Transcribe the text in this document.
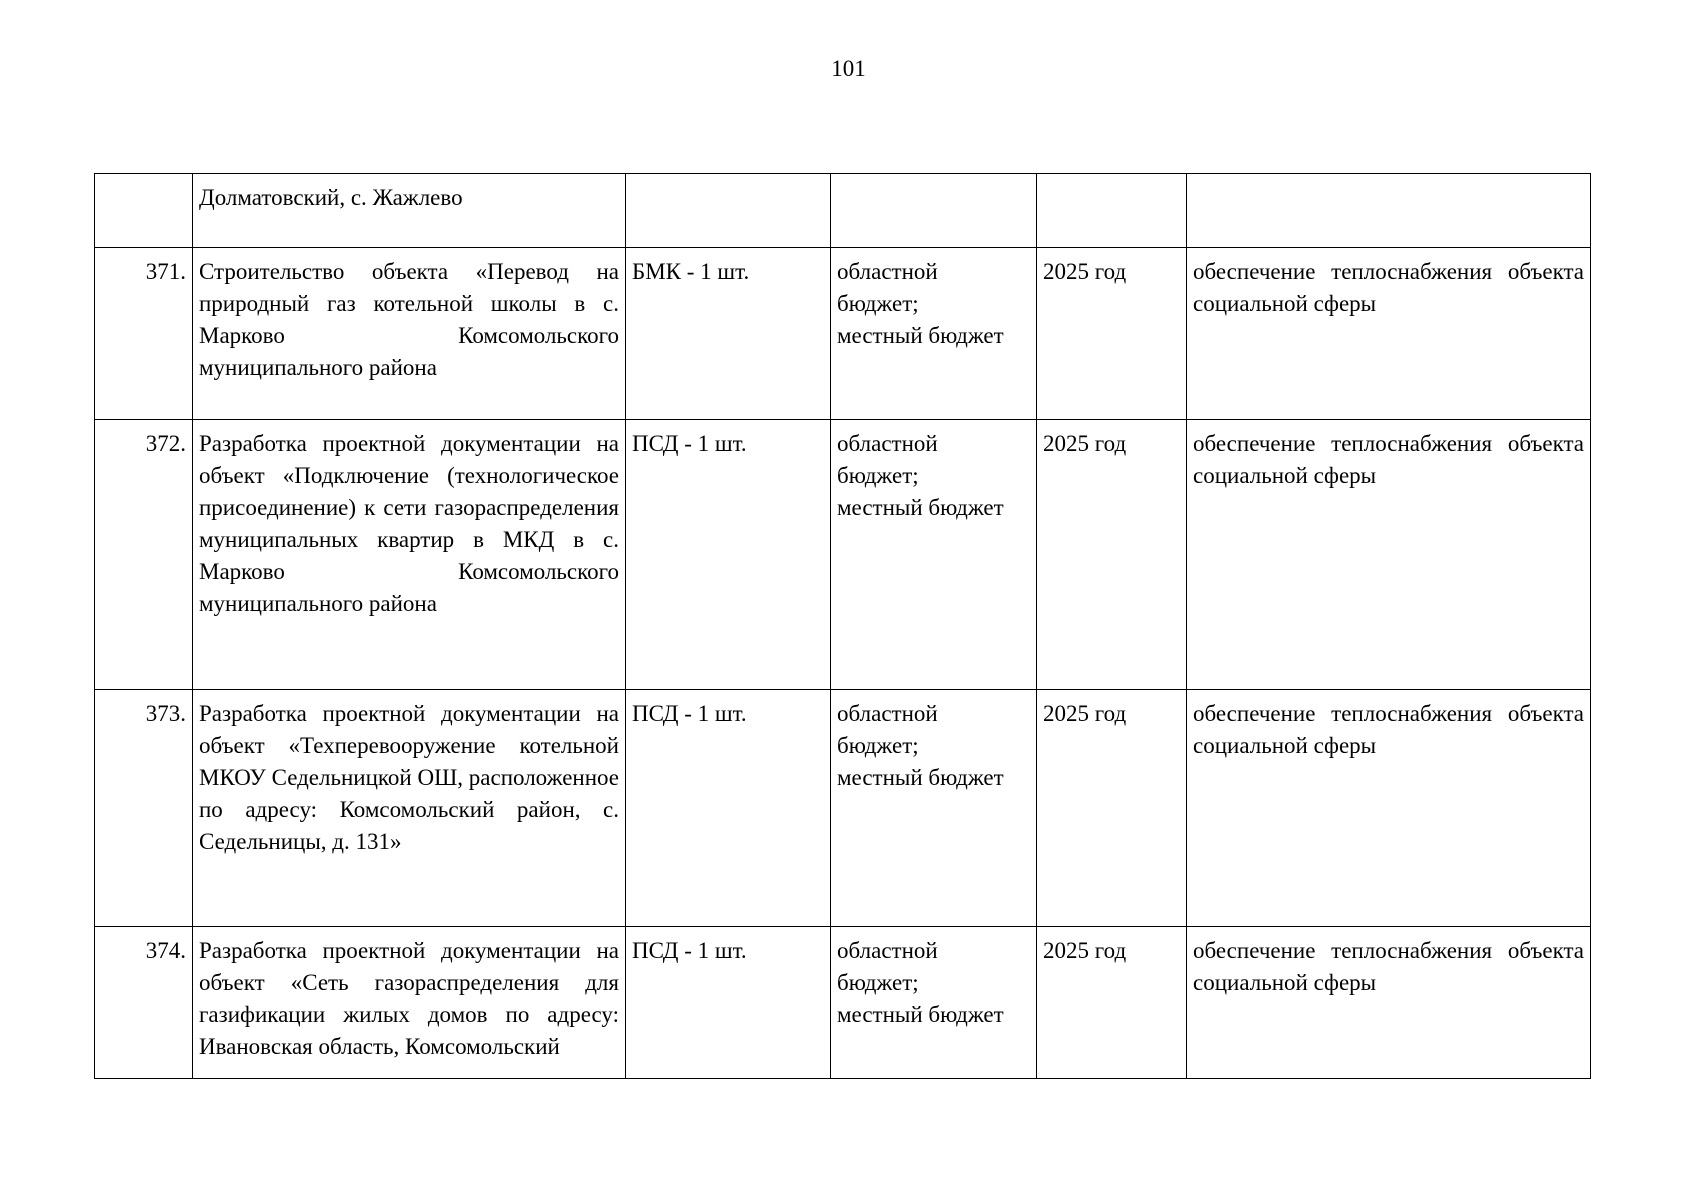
101
	Долматовский, с. Жажлево				
371.	Строительство объекта «Перевод на природный газ котельной школы в с. Марково Комсомольского муниципального района	БМК - 1 шт.	областной
бюджет;
местный бюджет	2025 год	обеспечение теплоснабжения объекта социальной сферы
372.	Разработка проектной документации на объект «Подключение (технологическое присоединение) к сети газораспределения муниципальных квартир в МКД в с. Марково Комсомольского муниципального района	ПСД - 1 шт.	областной
бюджет;
местный бюджет	2025 год	обеспечение теплоснабжения объекта социальной сферы
373.	Разработка проектной документации на объект «Техперевооружение котельной МКОУ Седельницкой ОШ, расположенное по адресу: Комсомольский район, с. Седельницы, д. 131»	ПСД - 1 шт.	областной
бюджет;
местный бюджет	2025 год	обеспечение теплоснабжения объекта социальной сферы
374.	Разработка проектной документации на объект «Сеть газораспределения для газификации жилых домов по адресу: Ивановская область, Комсомольский	ПСД - 1 шт.	областной
бюджет;
местный бюджет	2025 год	обеспечение теплоснабжения объекта социальной сферы
